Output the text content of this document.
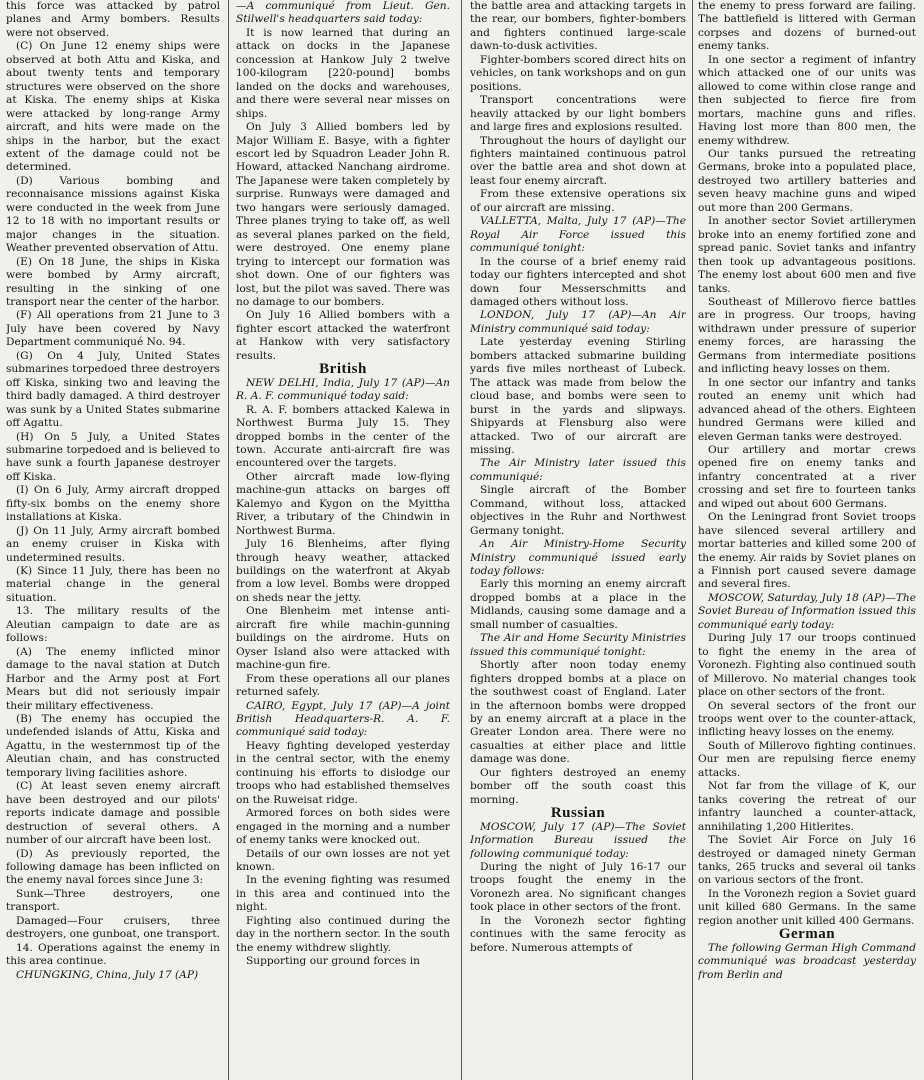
this force was attacked by patrol planes and Army bombers. Results were not observed.

(C) On June 12 enemy ships were observed at both Attu and Kiska, and about twenty tents and temporary structures were observed on the shore at Kiska. The enemy ships at Kiska were attacked by long-range Army aircraft, and hits were made on the ships in the harbor, but the exact extent of the damage could not be determined.

(D) Various bombing and reconnaisance missions against Kiska were conducted in the week from June 12 to 18 with no important results or major changes in the situation. Weather prevented observation of Attu.

(E) On 18 June, the ships in Kiska were bombed by Army aircraft, resulting in the sinking of one transport near the center of the harbor.

(F) All operations from 21 June to 3 July have been covered by Navy Department communiqué No. 94.

(G) On 4 July, United States submarines torpedoed three destroyers off Kiska, sinking two and leaving the third badly damaged. A third destroyer was sunk by a United States submarine off Agattu.

(H) On 5 July, a United States submarine torpedoed and is believed to have sunk a fourth Japanese destroyer off Kiska.

(I) On 6 July, Army aircraft dropped fifty-six bombs on the enemy shore installations at Kiska.

(J) On 11 July, Army aircraft bombed an enemy cruiser in Kiska with undetermined results.

(K) Since 11 July, there has been no material change in the general situation.

13. The military results of the Aleutian campaign to date are as follows:

(A) The enemy inflicted minor damage to the naval station at Dutch Harbor and the Army post at Fort Mears but did not seriously impair their military effectiveness.

(B) The enemy has occupied the undefended islands of Attu, Kiska and Agattu, in the westernmost tip of the Aleutian chain, and has constructed temporary living facilities ashore.

(C) At least seven enemy aircraft have been destroyed and our pilots' reports indicate damage and possible destruction of several others. A number of our aircraft have been lost.

(D) As previously reported, the following damage has been inflicted on the enemy naval forces since June 3:

Sunk—Three destroyers, one transport.

Damaged—Four cruisers, three destroyers, one gunboat, one transport.

14. Operations against the enemy in this area continue.

CHUNGKING, China, July 17 (AP)

—A communiqué from Lieut. Gen. Stilwell's headquarters said today:

It is now learned that during an attack on docks in the Japanese concession at Hankow July 2 twelve 100-kilogram [220-pound] bombs landed on the docks and warehouses, and there were several near misses on ships.

On July 3 Allied bombers led by Major William E. Basye, with a fighter escort led by Squadron Leader John R. Howard, attacked Nanchang airdrome. The Japanese were taken completely by surprise. Runways were damaged and two hangars were seriously damaged. Three planes trying to take off, as well as several planes parked on the field, were destroyed. One enemy plane trying to intercept our formation was shot down. One of our fighters was lost, but the pilot was saved. There was no damage to our bombers.

On July 16 Allied bombers with a fighter escort attacked the waterfront at Hankow with very satisfactory results.

British

NEW DELHI, India, July 17 (AP)—An R. A. F. communiqué today said:

R. A. F. bombers attacked Kalewa in Northwest Burma July 15. They dropped bombs in the center of the town. Accurate anti-aircraft fire was encountered over the targets.

Other aircraft made low-flying machine-gun attacks on barges off Kalemyo and Kygon on the Myittha River, a tributary of the Chindwin in Northwest Burma.

July 16 Blenheims, after flying through heavy weather, attacked buildings on the waterfront at Akyab from a low level. Bombs were dropped on sheds near the jetty.

One Blenheim met intense anti-aircraft fire while machin-gunning buildings on the airdrome. Huts on Oyser Island also were attacked with machine-gun fire.

From these operations all our planes returned safely.

CAIRO, Egypt, July 17 (AP)—A joint British Headquarters-R. A. F. communiqué said today:

Heavy fighting developed yesterday in the central sector, with the enemy continuing his efforts to dislodge our troops who had established themselves on the Ruweisat ridge.

Armored forces on both sides were engaged in the morning and a number of enemy tanks were knocked out.

Details of our own losses are not yet known.

In the evening fighting was resumed in this area and continued into the night.

Fighting also continued during the day in the northern sector. In the south the enemy withdrew slightly.

Supporting our ground forces in

the battle area and attacking targets in the rear, our bombers, fighter-bombers and fighters continued large-scale dawn-to-dusk activities.

Fighter-bombers scored direct hits on vehicles, on tank workshops and on gun positions.

Transport concentrations were heavily attacked by our light bombers and large fires and explosions resulted.

Throughout the hours of daylight our fighters maintained continuous patrol over the battle area and shot down at least four enemy aircraft.

From these extensive operations six of our aircraft are missing.

VALLETTA, Malta, July 17 (AP)—The Royal Air Force issued this communiqué tonight:

In the course of a brief enemy raid today our fighters intercepted and shot down four Messerschmitts and damaged others without loss.

LONDON, July 17 (AP)—An Air Ministry communiqué said today:

Late yesterday evening Stirling bombers attacked submarine building yards five miles northeast of Lubeck. The attack was made from below the cloud base, and bombs were seen to burst in the yards and slipways. Shipyards at Flensburg also were attacked. Two of our aircraft are missing.

The Air Ministry later issued this communiqué:

Single aircraft of the Bomber Command, without loss, attacked objectives in the Ruhr and Northwest Germany tonight.

An Air Ministry-Home Security Ministry communiqué issued early today follows:

Early this morning an enemy aircraft dropped bombs at a place in the Midlands, causing some damage and a small number of casualties.

The Air and Home Security Ministries issued this communiqué tonight:

Shortly after noon today enemy fighters dropped bombs at a place on the southwest coast of England. Later in the afternoon bombs were dropped by an enemy aircraft at a place in the Greater London area. There were no casualties at either place and little damage was done.

Our fighters destroyed an enemy bomber off the south coast this morning.

Russian

MOSCOW, July 17 (AP)—The Soviet Information Bureau issued the following communiqué today:

During the night of July 16-17 our troops fought the enemy in the Voronezh area. No significant changes took place in other sectors of the front.

In the Voronezh sector fighting continues with the same ferocity as before. Numerous attempts of

the enemy to press forward are failing. The battlefield is littered with German corpses and dozens of burned-out enemy tanks.

In one sector a regiment of infantry which attacked one of our units was allowed to come within close range and then subjected to fierce fire from mortars, machine guns and rifles. Having lost more than 800 men, the enemy withdrew.

Our tanks pursued the retreating Germans, broke into a populated place, destroyed two artillery batteries and seven heavy machine guns and wiped out more than 200 Germans.

In another sector Soviet artillerymen broke into an enemy fortified zone and spread panic. Soviet tanks and infantry then took up advantageous positions. The enemy lost about 600 men and five tanks.

Southeast of Millerovo fierce battles are in progress. Our troops, having withdrawn under pressure of superior enemy forces, are harassing the Germans from intermediate positions and inflicting heavy losses on them.

In one sector our infantry and tanks routed an enemy unit which had advanced ahead of the others. Eighteen hundred Germans were killed and eleven German tanks were destroyed.

Our artillery and mortar crews opened fire on enemy tanks and infantry concentrated at a river crossing and set fire to fourteen tanks and wiped out about 600 Germans.

On the Leningrad front Soviet troops have silenced several artillery and mortar batteries and killed some 200 of the enemy. Air raids by Soviet planes on a Finnish port caused severe damage and several fires.

MOSCOW, Saturday, July 18 (AP)—The Soviet Bureau of Information issued this communiqué early today:

During July 17 our troops continued to fight the enemy in the area of Voronezh. Fighting also continued south of Millerovo. No material changes took place on other sectors of the front.

On several sectors of the front our troops went over to the counter-attack, inflicting heavy losses on the enemy.

South of Millerovo fighting continues. Our men are repulsing fierce enemy attacks.

Not far from the village of K, our tanks covering the retreat of our infantry launched a counter-attack, annihilating 1,200 Hitlerites.

The Soviet Air Force on July 16 destroyed or damaged ninety German tanks, 265 trucks and several oil tanks on various sectors of the front.

In the Voronezh region a Soviet guard unit killed 680 Germans. In the same region another unit killed 400 Germans.

German

The following German High Command communiqué was broadcast yesterday from Berlin and
